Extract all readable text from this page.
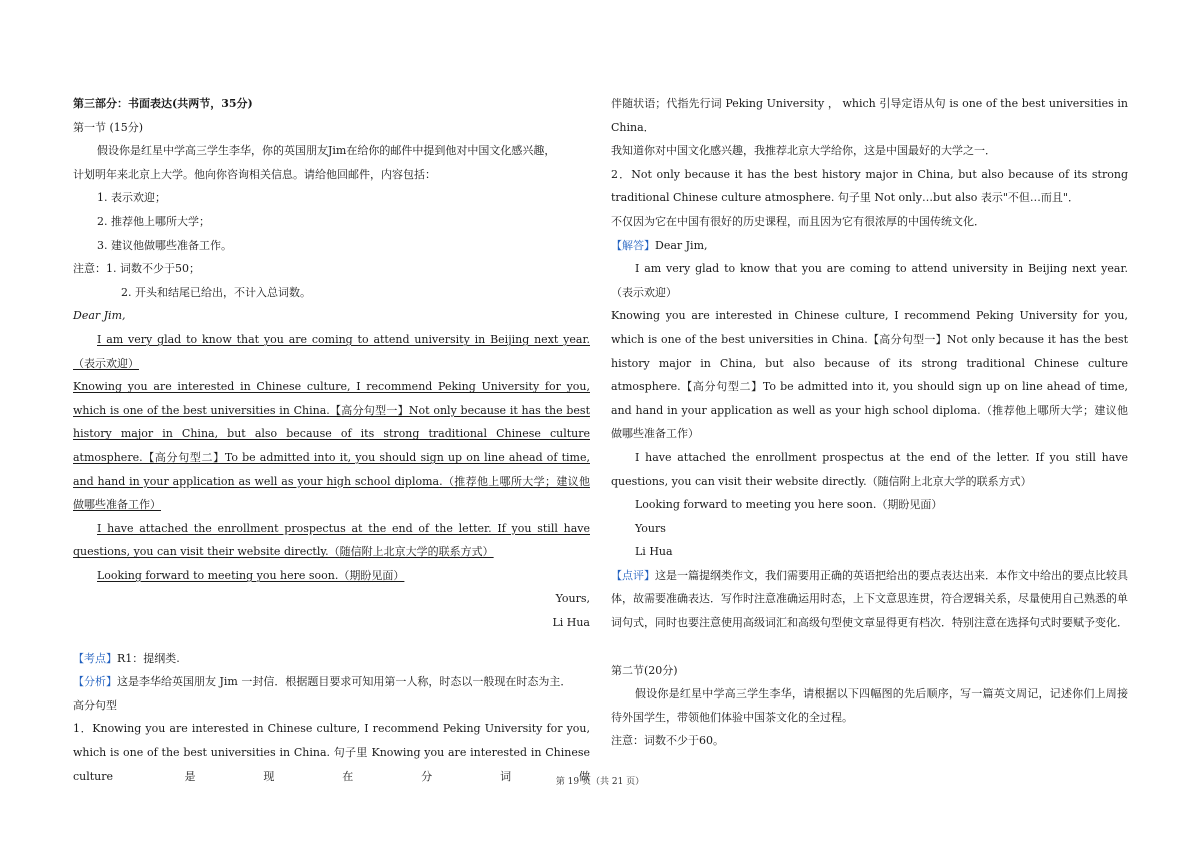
第三部分：书面表达(共两节，35分)

第一节 (15分)

假设你是红星中学高三学生李华，你的英国朋友Jim在给你的邮件中提到他对中国文化感兴趣，

计划明年来北京上大学。他向你咨询相关信息。请给他回邮件，内容包括：

1. 表示欢迎；

2. 推荐他上哪所大学；

3. 建议他做哪些准备工作。

注意：1. 词数不少于50；

2. 开头和结尾已给出，不计入总词数。

Dear Jim,

I am very glad to know that you are coming to attend university in Beijing next year.（表示欢迎）

Knowing you are interested in Chinese culture, I recommend Peking University for you, which is one of the best universities in China.【高分句型一】Not only because it has the best history major in China, but also because of its strong traditional Chinese culture atmosphere.【高分句型二】To be admitted into it, you should sign up on line ahead of time, and hand in your application as well as your high school diploma.（推荐他上哪所大学；建议他做哪些准备工作）

I have attached the enrollment prospectus at the end of the letter. If you still have questions, you can visit their website directly.（随信附上北京大学的联系方式）

Looking forward to meeting you here soon.（期盼见面）

Yours,

Li Hua

【考点】R1：提纲类.

【分析】这是李华给英国朋友 Jim 一封信．根据题目要求可知用第一人称，时态以一般现在时态为主．

高分句型

1．Knowing you are interested in Chinese culture, I recommend Peking University for you, which is one of the best universities in China. 句子里 Knowing you are interested in Chinese culture 是现在分词做

伴随状语；代指先行词 Peking University ， which 引导定语从句 is one of the best universities in China．

我知道你对中国文化感兴趣，我推荐北京大学给你，这是中国最好的大学之一．

2．Not only because it has the best history major in China, but also because of its strong traditional Chinese culture atmosphere. 句子里 Not only…but also 表示"不但…而且"．

不仅因为它在中国有很好的历史课程，而且因为它有很浓厚的中国传统文化．

【解答】Dear Jim,

I am very glad to know that you are coming to attend university in Beijing next year.（表示欢迎）

Knowing you are interested in Chinese culture, I recommend Peking University for you, which is one of the best universities in China.【高分句型一】Not only because it has the best history major in China, but also because of its strong traditional Chinese culture atmosphere.【高分句型二】To be admitted into it, you should sign up on line ahead of time, and hand in your application as well as your high school diploma.（推荐他上哪所大学；建议他做哪些准备工作）

I have attached the enrollment prospectus at the end of the letter. If you still have questions, you can visit their website directly.（随信附上北京大学的联系方式）

Looking forward to meeting you here soon.（期盼见面）

Yours

Li Hua

【点评】这是一篇提纲类作文，我们需要用正确的英语把给出的要点表达出来．本作文中给出的要点比较具体，故需要准确表达．写作时注意准确运用时态，上下文意思连贯，符合逻辑关系，尽量使用自己熟悉的单词句式，同时也要注意使用高级词汇和高级句型使文章显得更有档次．特别注意在选择句式时要赋予变化．

第二节(20分)

假设你是红星中学高三学生李华，请根据以下四幅图的先后顺序，写一篇英文周记，记述你们上周接待外国学生，带领他们体验中国茶文化的全过程。

注意：词数不少于60。

第 19 页（共 21 页）
